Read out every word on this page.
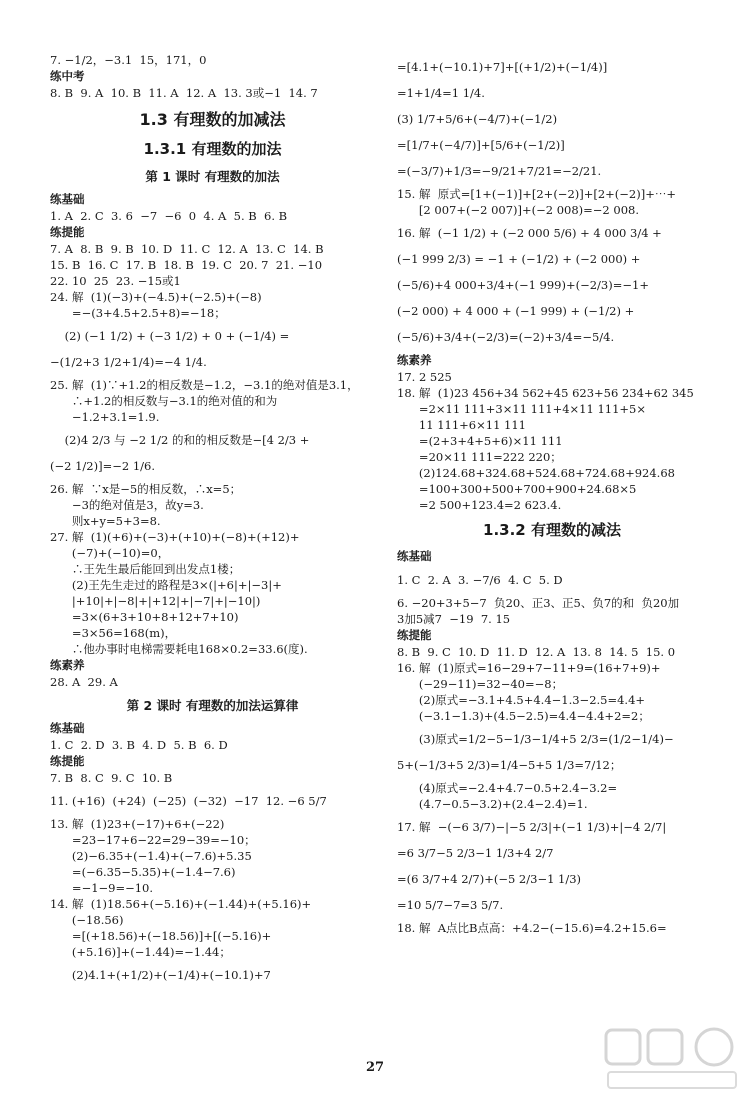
7. −1/2，−3.1  15，171，0
练中考
8. B  9. A  10. B  11. A  12. A  13. 3或−1  14. 7
1.3 有理数的加减法
1.3.1 有理数的加法
第 1 课时 有理数的加法
练基础
1. A  2. C  3. 6  −7  −6  0  4. A  5. B  6. B
练提能
7. A  8. B  9. B  10. D  11. C  12. A  13. C  14. B
15. B  16. C  17. B  18. B  19. C  20. 7  21. −10
22. 10  25  23. −15或1
24. 解  (1)(−3)+(−4.5)+(−2.5)+(−8)
=−(3+4.5+2.5+8)=−18；
(2) (−1 1/2) + (−3 1/2) + 0 + (−1/4) =
−(1/2+3 1/2+1/4)=−4 1/4.
25. 解  (1)∵+1.2的相反数是−1.2，−3.1的绝对值是3.1，
∴+1.2的相反数与−3.1的绝对值的和为
−1.2+3.1=1.9.
(2)4 2/3 与 −2 1/2 的和的相反数是−[4 2/3 +
(−2 1/2)]=−2 1/6.
26. 解  ∵x是−5的相反数，∴x=5；
−3的绝对值是3，故y=3.
则x+y=5+3=8.
27. 解  (1)(+6)+(−3)+(+10)+(−8)+(+12)+
(−7)+(−10)=0，
∴王先生最后能回到出发点1楼；
(2)王先生走过的路程是3×(|+6|+|−3|+
|+10|+|−8|+|+12|+|−7|+|−10|)
=3×(6+3+10+8+12+7+10)
=3×56=168(m)，
∴他办事时电梯需要耗电168×0.2=33.6(度).
练素养
28. A  29. A
第 2 课时 有理数的加法运算律
练基础
1. C  2. D  3. B  4. D  5. B  6. D
练提能
7. B  8. C  9. C  10. B
11. (+16)  (+24)  (−25)  (−32)  −17  12. −6 5/7
13. 解  (1)23+(−17)+6+(−22)
=23−17+6−22=29−39=−10；
(2)−6.35+(−1.4)+(−7.6)+5.35
=(−6.35−5.35)+(−1.4−7.6)
=−1−9=−10.
14. 解  (1)18.56+(−5.16)+(−1.44)+(+5.16)+
(−18.56)
=[(+18.56)+(−18.56)]+[(−5.16)+
(+5.16)]+(−1.44)=−1.44；
(2)4.1+(+1/2)+(−1/4)+(−10.1)+7
=[4.1+(−10.1)+7]+[(+1/2)+(−1/4)]
=1+1/4=1 1/4.
(3) 1/7+5/6+(−4/7)+(−1/2)
=[1/7+(−4/7)]+[5/6+(−1/2)]
=(−3/7)+1/3=−9/21+7/21=−2/21.
15. 解  原式=[1+(−1)]+[2+(−2)]+[2+(−2)]+⋯+
[2 007+(−2 007)]+(−2 008)=−2 008.
16. 解  (−1 1/2) + (−2 000 5/6) + 4 000 3/4 +
(−1 999 2/3) = −1 + (−1/2) + (−2 000) +
(−5/6)+4 000+3/4+(−1 999)+(−2/3)=−1+
(−2 000) + 4 000 + (−1 999) + (−1/2) +
(−5/6)+3/4+(−2/3)=(−2)+3/4=−5/4.
练素养
17. 2 525
18. 解  (1)23 456+34 562+45 623+56 234+62 345
=2×11 111+3×11 111+4×11 111+5×
11 111+6×11 111
=(2+3+4+5+6)×11 111
=20×11 111=222 220；
(2)124.68+324.68+524.68+724.68+924.68
=100+300+500+700+900+24.68×5
=2 500+123.4=2 623.4.
1.3.2 有理数的减法
练基础
1. C  2. A  3. −7/6  4. C  5. D
6. −20+3+5−7  负20、正3、正5、负7的和  负20加
3加5减7  −19  7. 15
练提能
8. B  9. C  10. D  11. D  12. A  13. 8  14. 5  15. 0
16. 解  (1)原式=16−29+7−11+9=(16+7+9)+
(−29−11)=32−40=−8；
(2)原式=−3.1+4.5+4.4−1.3−2.5=4.4+
(−3.1−1.3)+(4.5−2.5)=4.4−4.4+2=2；
(3)原式=1/2−5−1/3−1/4+5 2/3=(1/2−1/4)−
5+(−1/3+5 2/3)=1/4−5+5 1/3=7/12；
(4)原式=−2.4+4.7−0.5+2.4−3.2=
(4.7−0.5−3.2)+(2.4−2.4)=1.
17. 解  −(−6 3/7)−|−5 2/3|+(−1 1/3)+|−4 2/7|
=6 3/7−5 2/3−1 1/3+4 2/7
=(6 3/7+4 2/7)+(−5 2/3−1 1/3)
=10 5/7−7=3 5/7.
18. 解  A点比B点高：+4.2−(−15.6)=4.2+15.6=
27
